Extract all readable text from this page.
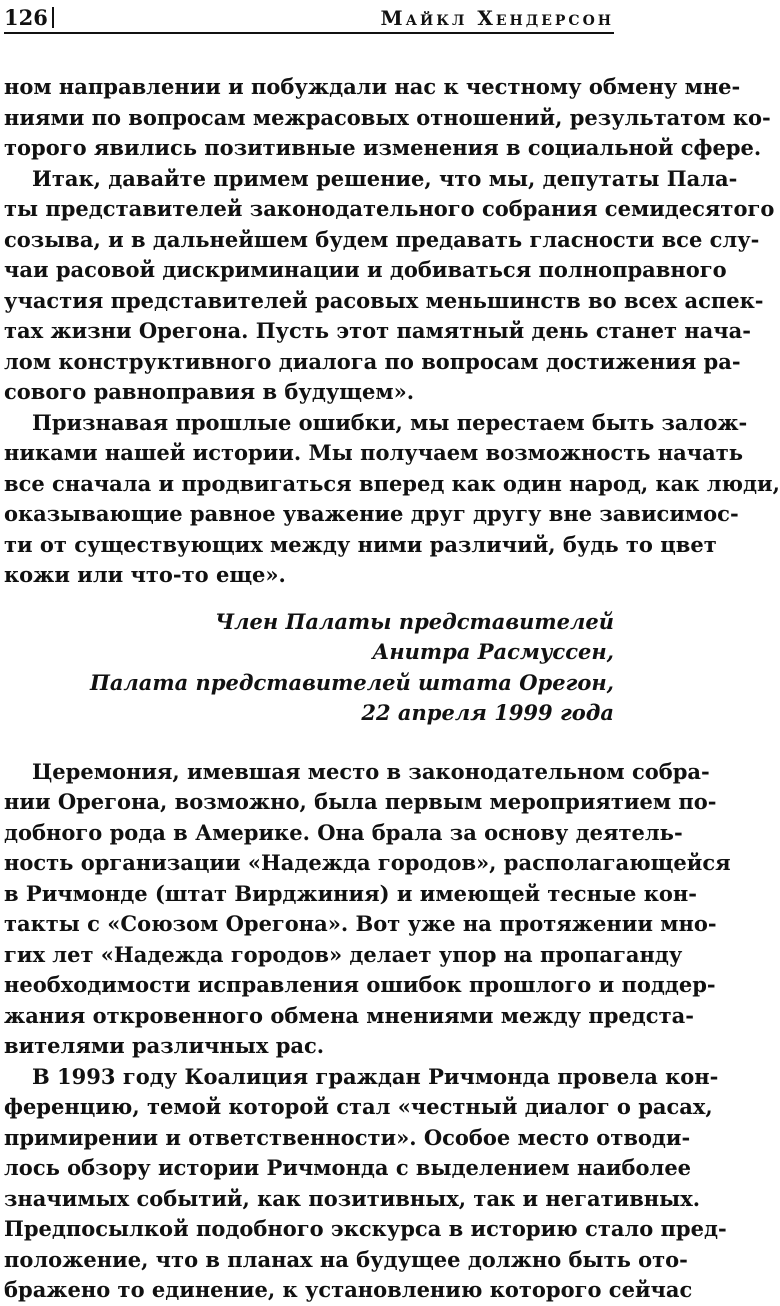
126	Майкл Хендерсон
ном направлении и побуждали нас к честному обмену мне-
ниями по вопросам межрасовых отношений, результатом ко-
торого явились позитивные изменения в социальной сфере.
Итак, давайте примем решение, что мы, депутаты Пала-
ты представителей законодательного собрания семидесятого
созыва, и в дальнейшем будем предавать гласности все слу-
чаи расовой дискриминации и добиваться полноправного
участия представителей расовых меньшинств во всех аспек-
тах жизни Орегона. Пусть этот памятный день станет нача-
лом конструктивного диалога по вопросам достижения ра-
сового равноправия в будущем».
Признавая прошлые ошибки, мы перестаем быть залож-
никами нашей истории. Мы получаем возможность начать
все сначала и продвигаться вперед как один народ, как люди,
оказывающие равное уважение друг другу вне зависимос-
ти от существующих между ними различий, будь то цвет
кожи или что-то еще».
Член Палаты представителей
Анитра Расмуссен,
Палата представителей штата Орегон,
22 апреля 1999 года
Церемония, имевшая место в законодательном собра-
нии Орегона, возможно, была первым мероприятием по-
добного рода в Америке. Она брала за основу деятель-
ность организации «Надежда городов», располагающейся
в Ричмонде (штат Вирджиния) и имеющей тесные кон-
такты с «Союзом Орегона». Вот уже на протяжении мно-
гих лет «Надежда городов» делает упор на пропаганду
необходимости исправления ошибок прошлого и поддер-
жания откровенного обмена мнениями между предста-
вителями различных рас.
В 1993 году Коалиция граждан Ричмонда провела кон-
ференцию, темой которой стал «честный диалог о расах,
примирении и ответственности». Особое место отводи-
лось обзору истории Ричмонда с выделением наиболее
значимых событий, как позитивных, так и негативных.
Предпосылкой подобного экскурса в историю стало пред-
положение, что в планах на будущее должно быть ото-
бражено то единение, к установлению которого сейчас
